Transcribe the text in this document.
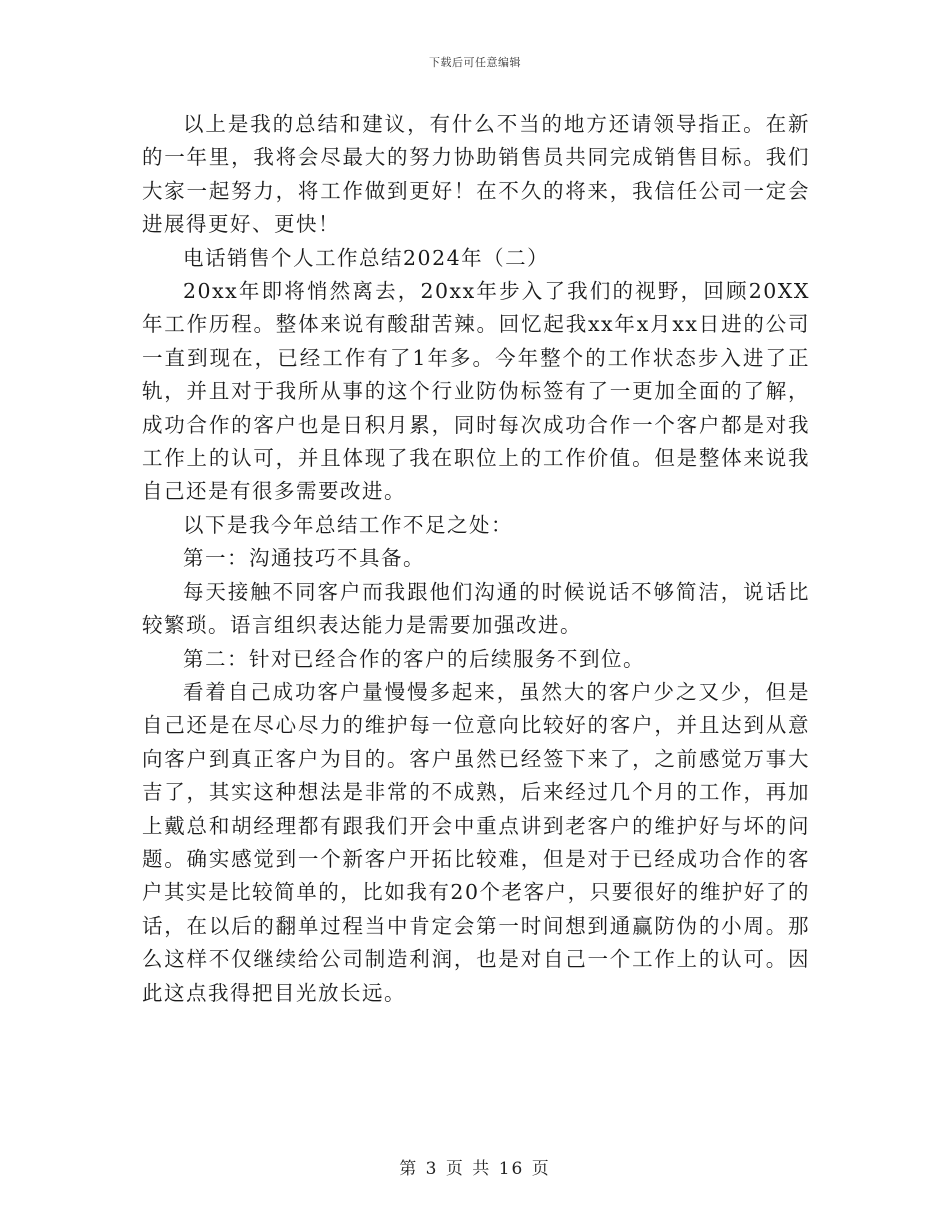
下载后可任意编辑

以上是我的总结和建议，有什么不当的地方还请领导指正。在新的一年里，我将会尽最大的努力协助销售员共同完成销售目标。我们大家一起努力，将工作做到更好！在不久的将来，我信任公司一定会进展得更好、更快！

电话销售个人工作总结2024年（二）

20xx年即将悄然离去，20xx年步入了我们的视野，回顾20XX年工作历程。整体来说有酸甜苦辣。回忆起我xx年x月xx日进的公司一直到现在，已经工作有了1年多。今年整个的工作状态步入进了正轨，并且对于我所从事的这个行业防伪标签有了一更加全面的了解，成功合作的客户也是日积月累，同时每次成功合作一个客户都是对我工作上的认可，并且体现了我在职位上的工作价值。但是整体来说我自己还是有很多需要改进。

以下是我今年总结工作不足之处：

第一：沟通技巧不具备。

每天接触不同客户而我跟他们沟通的时候说话不够简洁，说话比较繁琐。语言组织表达能力是需要加强改进。

第二：针对已经合作的客户的后续服务不到位。

看着自己成功客户量慢慢多起来，虽然大的客户少之又少，但是自己还是在尽心尽力的维护每一位意向比较好的客户，并且达到从意向客户到真正客户为目的。客户虽然已经签下来了，之前感觉万事大吉了，其实这种想法是非常的不成熟，后来经过几个月的工作，再加上戴总和胡经理都有跟我们开会中重点讲到老客户的维护好与坏的问题。确实感觉到一个新客户开拓比较难，但是对于已经成功合作的客户其实是比较简单的，比如我有20个老客户，只要很好的维护好了的话，在以后的翻单过程当中肯定会第一时间想到通赢防伪的小周。那么这样不仅继续给公司制造利润，也是对自己一个工作上的认可。因此这点我得把目光放长远。

第 3 页 共 16 页
